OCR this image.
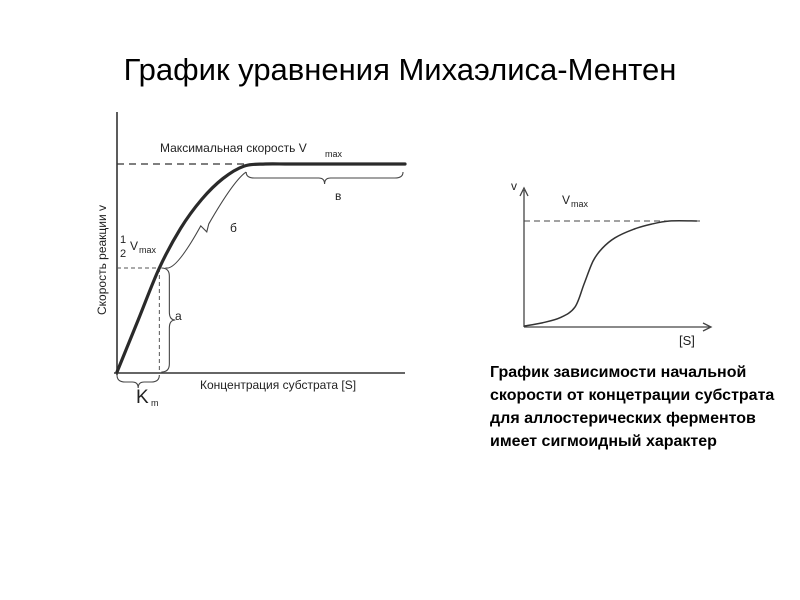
График уравнения Михаэлиса-Ментен
Максимальная скорость V max
1
2
V max
K m
а
б
в
Концентрация субстрата [S]
Скорость реакции v
v
V max
[S]

График зависимости начальной скорости от концетрации субстрата для аллостерических ферментов имеет сигмоидный характер
